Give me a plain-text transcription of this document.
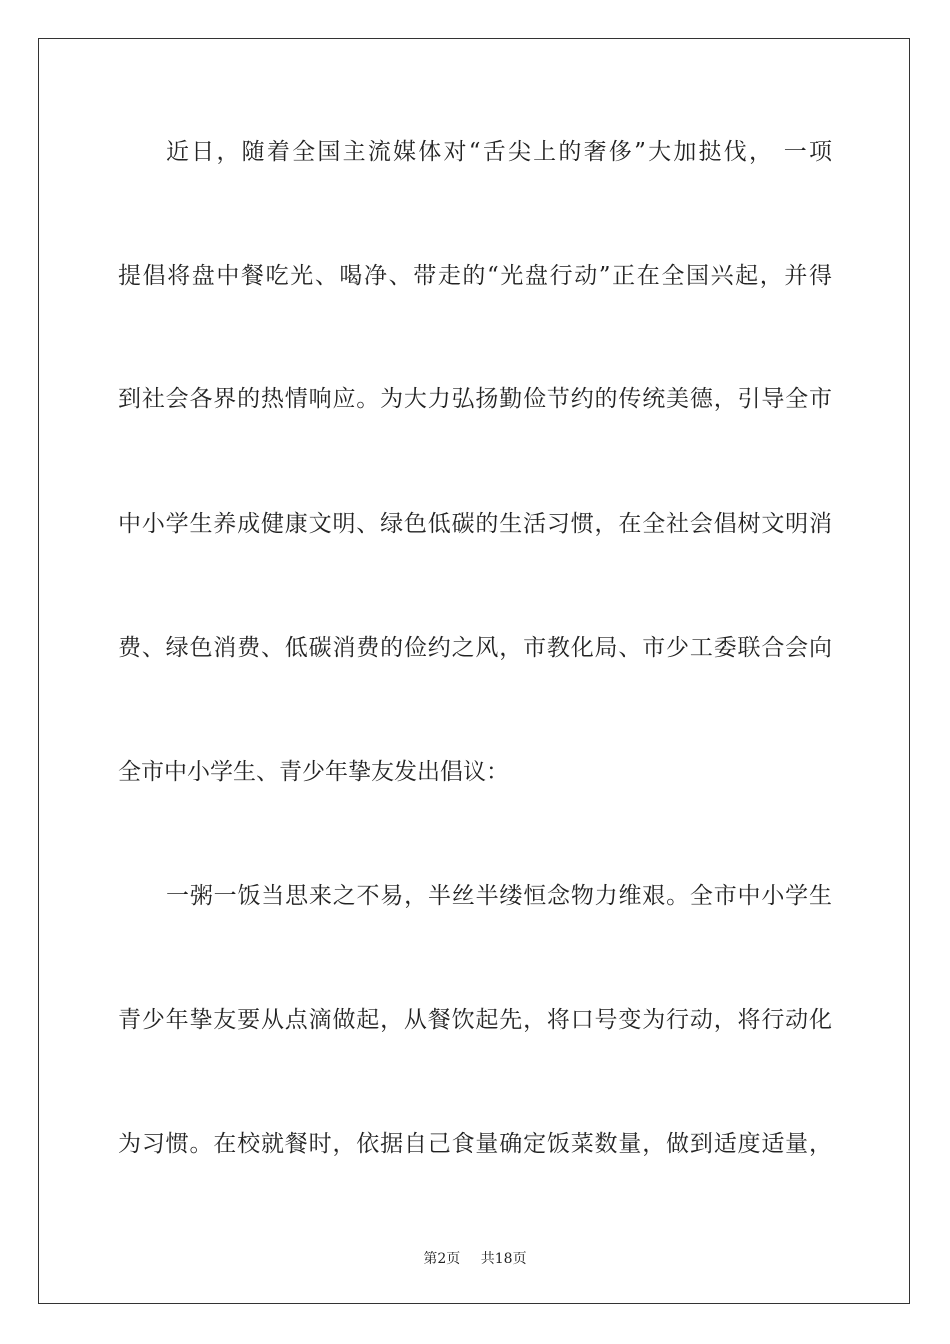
近日，随着全国主流媒体对“舌尖上的奢侈”大加挞伐， 一项
提倡将盘中餐吃光、喝净、带走的“光盘行动”正在全国兴起，并得
到社会各界的热情响应。为大力弘扬勤俭节约的传统美德，引导全市
中小学生养成健康文明、绿色低碳的生活习惯，在全社会倡树文明消
费、绿色消费、低碳消费的俭约之风，市教化局、市少工委联合会向
全市中小学生、青少年挚友发出倡议：
一粥一饭当思来之不易，半丝半缕恒念物力维艰。全市中小学生
青少年挚友要从点滴做起，从餐饮起先，将口号变为行动，将行动化
为习惯。在校就餐时，依据自己食量确定饭菜数量，做到适度适量，
第2页 共18页
